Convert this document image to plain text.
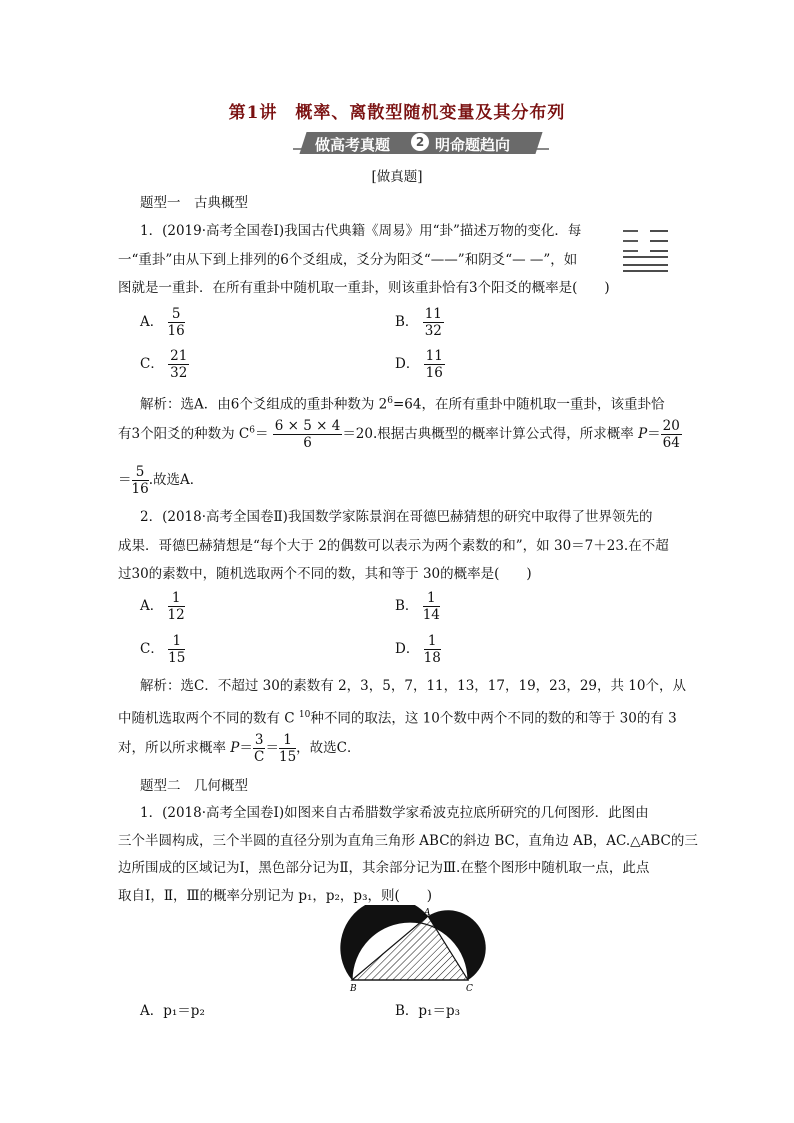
第1讲　概率、离散型随机变量及其分布列
做高考真题	2 明命题趋向
[做真题]
题型一　古典概型
1．(2019·高考全国卷Ⅰ)我国古代典籍《周易》用“卦”描述万物的变化．每
一“重卦”由从下到上排列的6个爻组成，爻分为阳爻“——”和阴爻“— —”，如
图就是一重卦．在所有重卦中随机取一重卦，则该重卦恰有3个阳爻的概率是(　　)
A． $\frac{5}{16}$	B． $\frac{11}{32}$
C． $\frac{21}{32}$	D． $\frac{11}{16}$
解析：选A．由6个爻组成的重卦种数为 $2^6=64$，在所有重卦中随机取一重卦，该重卦恰
有3个阳爻的种数为 $C^6= \frac{6 \times 5 \times 4}{6} =20$.根据古典概型的概率计算公式得，所求概率 $P= \frac{20}{64}$
＝ $\frac{5}{16}$ .故选A．
2．(2018·高考全国卷Ⅱ)我国数学家陈景润在哥德巴赫猜想的研究中取得了世界领先的
成果．哥德巴赫猜想是“每个大于 2的偶数可以表示为两个素数的和”，如 30＝7＋23.在不超
过30的素数中，随机选取两个不同的数，其和等于 30的概率是(　　)
A． $\frac{1}{12}$	B． $\frac{1}{14}$
C． $\frac{1}{15}$	D． $\frac{1}{18}$
解析：选C．不超过 30的素数有 2，3，5，7，11，13，17，19，23，29，共 10个，从
中随机选取两个不同的数有 C $^{10}$种不同的取法，这 10个数中两个不同的数的和等于 30的有 3
对，所以所求概率 $P= \frac{3}{C} = \frac{1}{15}$ ，故选C．
题型二　几何概型
1．(2018·高考全国卷Ⅰ)如图来自古希腊数学家希波克拉底所研究的几何图形．此图由
三个半圆构成，三个半圆的直径分别为直角三角形 ABC的斜边 BC，直角边 AB，AC.△ABC的三
边所围成的区域记为Ⅰ，黑色部分记为Ⅱ，其余部分记为Ⅲ.在整个图形中随机取一点，此点
取自Ⅰ，Ⅱ，Ⅲ的概率分别记为 p₁，p₂，p₃，则(　　)
A
B	C
A．p₁＝p₂	B．p₁＝p₃
